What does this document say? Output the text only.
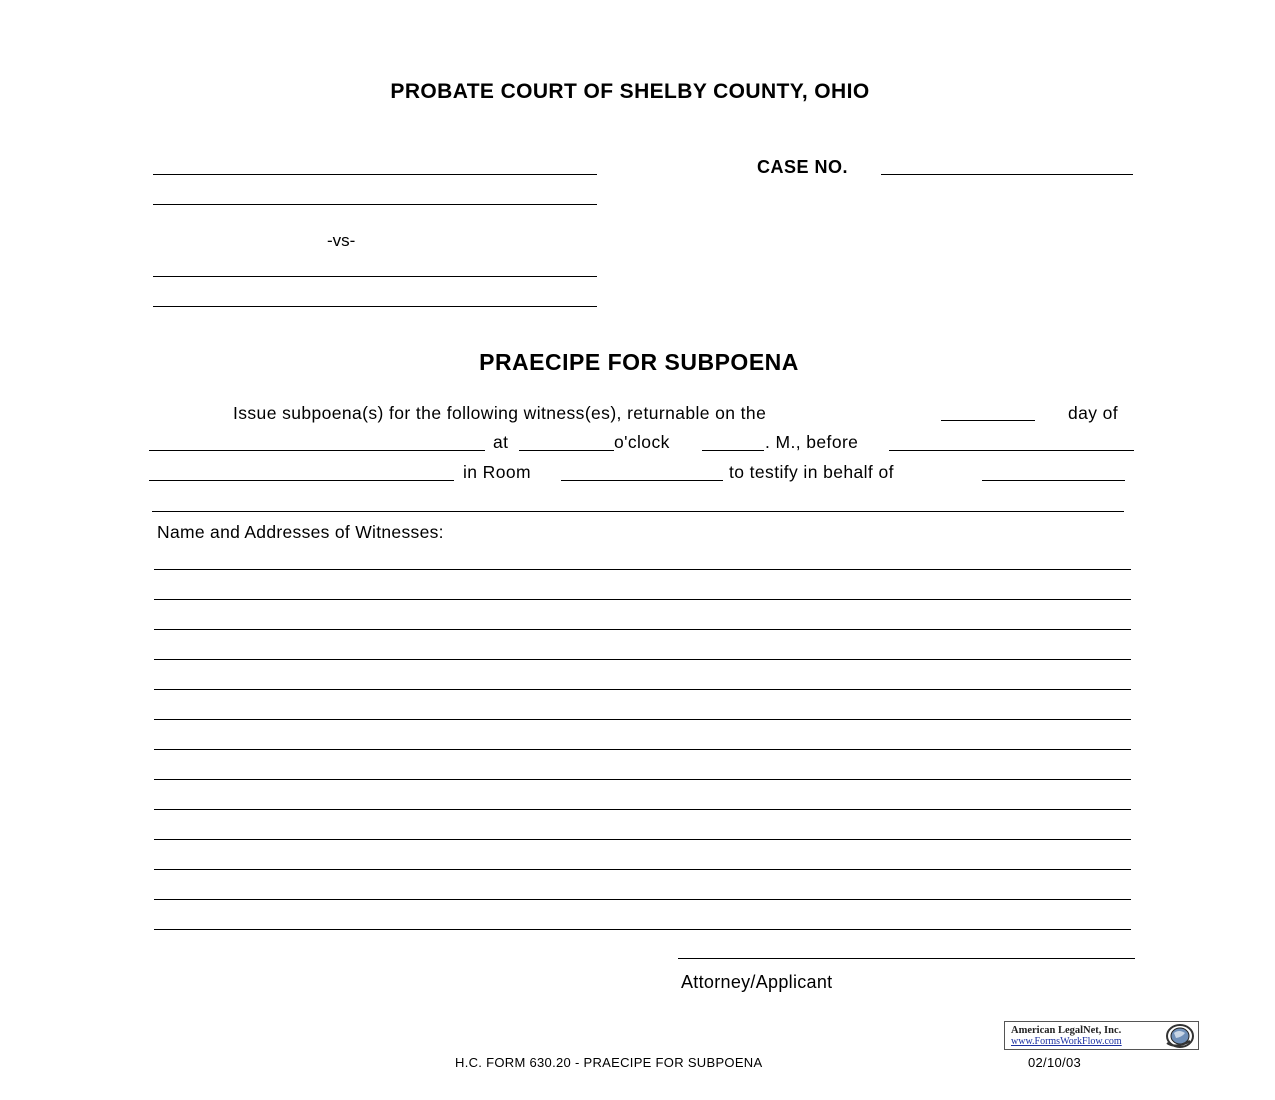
PROBATE COURT OF SHELBY COUNTY, OHIO
-vs-
CASE NO.
PRAECIPE FOR SUBPOENA
Issue subpoena(s) for the following witness(es), returnable on the	day of
at	o'clock	. M., before
in Room	to testify in behalf of
Name and Addresses of Witnesses:
Attorney/Applicant
American LegalNet, Inc.
www.FormsWorkFlow.com
H.C. FORM 630.20 - PRAECIPE FOR SUBPOENA	02/10/03
